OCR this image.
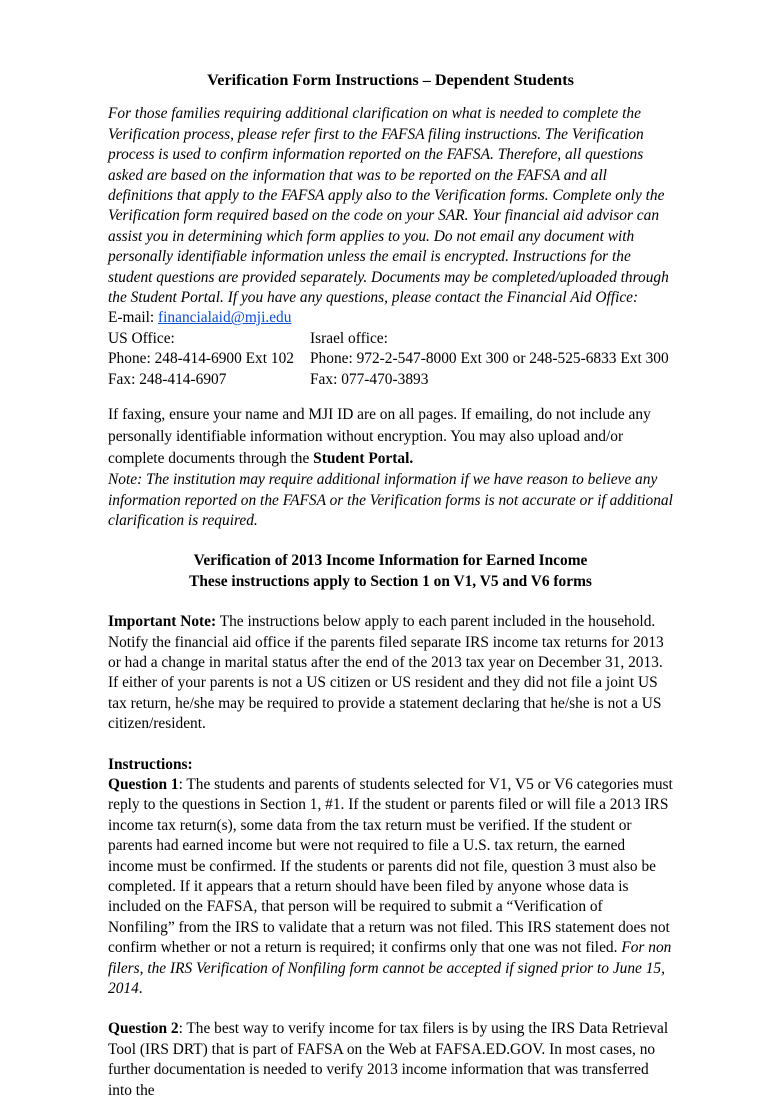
Verification Form Instructions – Dependent Students

For those families requiring additional clarification on what is needed to complete the Verification process, please refer first to the FAFSA filing instructions. The Verification process is used to confirm information reported on the FAFSA. Therefore, all questions asked are based on the information that was to be reported on the FAFSA and all definitions that apply to the FAFSA apply also to the Verification forms. Complete only the Verification form required based on the code on your SAR. Your financial aid advisor can assist you in determining which form applies to you. Do not email any document with personally identifiable information unless the email is encrypted. Instructions for the student questions are provided separately. Documents may be completed/uploaded through the Student Portal. If you have any questions, please contact the Financial Aid Office:

E-mail: financialaid@mji.edu

US Office:

Phone: 248-414-6900 Ext 102

Fax: 248-414-6907

Israel office:

Phone: 972-2-547-8000 Ext 300 or 248-525-6833 Ext 300

Fax: 077-470-3893

If faxing, ensure your name and MJI ID are on all pages. If emailing, do not include any personally identifiable information without encryption. You may also upload and/or complete documents through the Student Portal.

Note: The institution may require additional information if we have reason to believe any information reported on the FAFSA or the Verification forms is not accurate or if additional clarification is required.

Verification of 2013 Income Information for Earned Income

These instructions apply to Section 1 on V1, V5 and V6 forms

Important Note: The instructions below apply to each parent included in the household. Notify the financial aid office if the parents filed separate IRS income tax returns for 2013 or had a change in marital status after the end of the 2013 tax year on December 31, 2013. If either of your parents is not a US citizen or US resident and they did not file a joint US tax return, he/she may be required to provide a statement declaring that he/she is not a US citizen/resident.

Instructions:

Question 1: The students and parents of students selected for V1, V5 or V6 categories must reply to the questions in Section 1, #1. If the student or parents filed or will file a 2013 IRS income tax return(s), some data from the tax return must be verified. If the student or parents had earned income but were not required to file a U.S. tax return, the earned income must be confirmed. If the students or parents did not file, question 3 must also be completed. If it appears that a return should have been filed by anyone whose data is included on the FAFSA, that person will be required to submit a “Verification of Nonfiling” from the IRS to validate that a return was not filed. This IRS statement does not confirm whether or not a return is required; it confirms only that one was not filed. For non filers, the IRS Verification of Nonfiling form cannot be accepted if signed prior to June 15, 2014.

Question 2: The best way to verify income for tax filers is by using the IRS Data Retrieval Tool (IRS DRT) that is part of FAFSA on the Web at FAFSA.ED.GOV. In most cases, no further documentation is needed to verify 2013 income information that was transferred into the
